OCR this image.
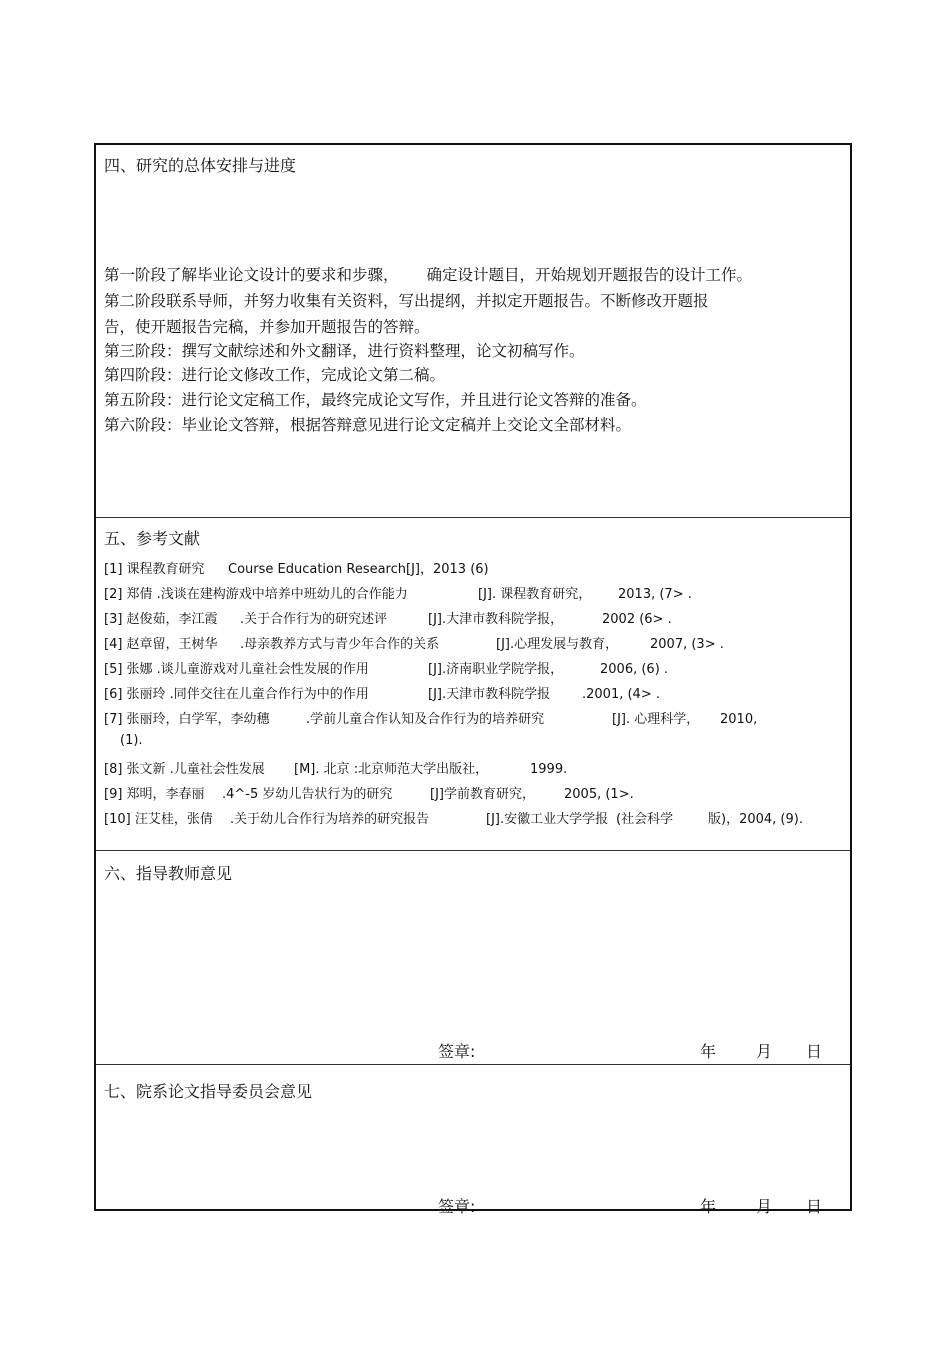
四、研究的总体安排与进度
第一阶段了解毕业论文设计的要求和步骤， 确定设计题目，开始规划开题报告的设计工作。
第二阶段联系导师，并努力收集有关资料，写出提纲，并拟定开题报告。不断修改开题报
告，使开题报告完稿，并参加开题报告的答辩。
第三阶段：撰写文献综述和外文翻译，进行资料整理，论文初稿写作。
第四阶段：进行论文修改工作，完成论文第二稿。
第五阶段：进行论文定稿工作，最终完成论文写作，并且进行论文答辩的准备。
第六阶段：毕业论文答辩，根据答辩意见进行论文定稿并上交论文全部材料。
五、参考文献
[1] 课程教育研究 Course Education Research[J]，2013 (6)
[2] 郑倩 .浅谈在建构游戏中培养中班幼儿的合作能力	[J]. 课程教育研究， 2013, (7> .
[3] 赵俊茹，李江霞 .关于合作行为的研究述评	[J].大津市教科院学报，	2002 (6> .
[4] 赵章留，王树华 .母亲教养方式与青少年合作的关系	[J].心理发展与教育， 2007, (3> .
[5] 张娜 .谈儿童游戏对儿童社会性发展的作用	[J].济南职业学院学报，	2006, (6) .
[6] 张丽玲 .同伴交往在儿童合作行为中的作用	[J].天津市教科院学报 .2001, (4> .
[7] 张丽玲，白学军，李幼穗	.学前儿童合作认知及合作行为的培养研究	[J]. 心理科学， 2010,
(1).
[8] 张文新 .儿童社会性发展 [M]. 北京 :北京师范大学出版社，	1999.
[9] 郑明，李春丽 .4^-5 岁幼儿告状行为的研究	[J]学前教育研究， 2005, (1>.
[10] 汪艾桂，张倩 .关于幼儿合作行为培养的研究报告	[J].安徽工业大学学报 (社会科学	版)，2004, (9).
六、指导教师意见
签章:	年 月 日
七、院系论文指导委员会意见
签章:	年 月 日
